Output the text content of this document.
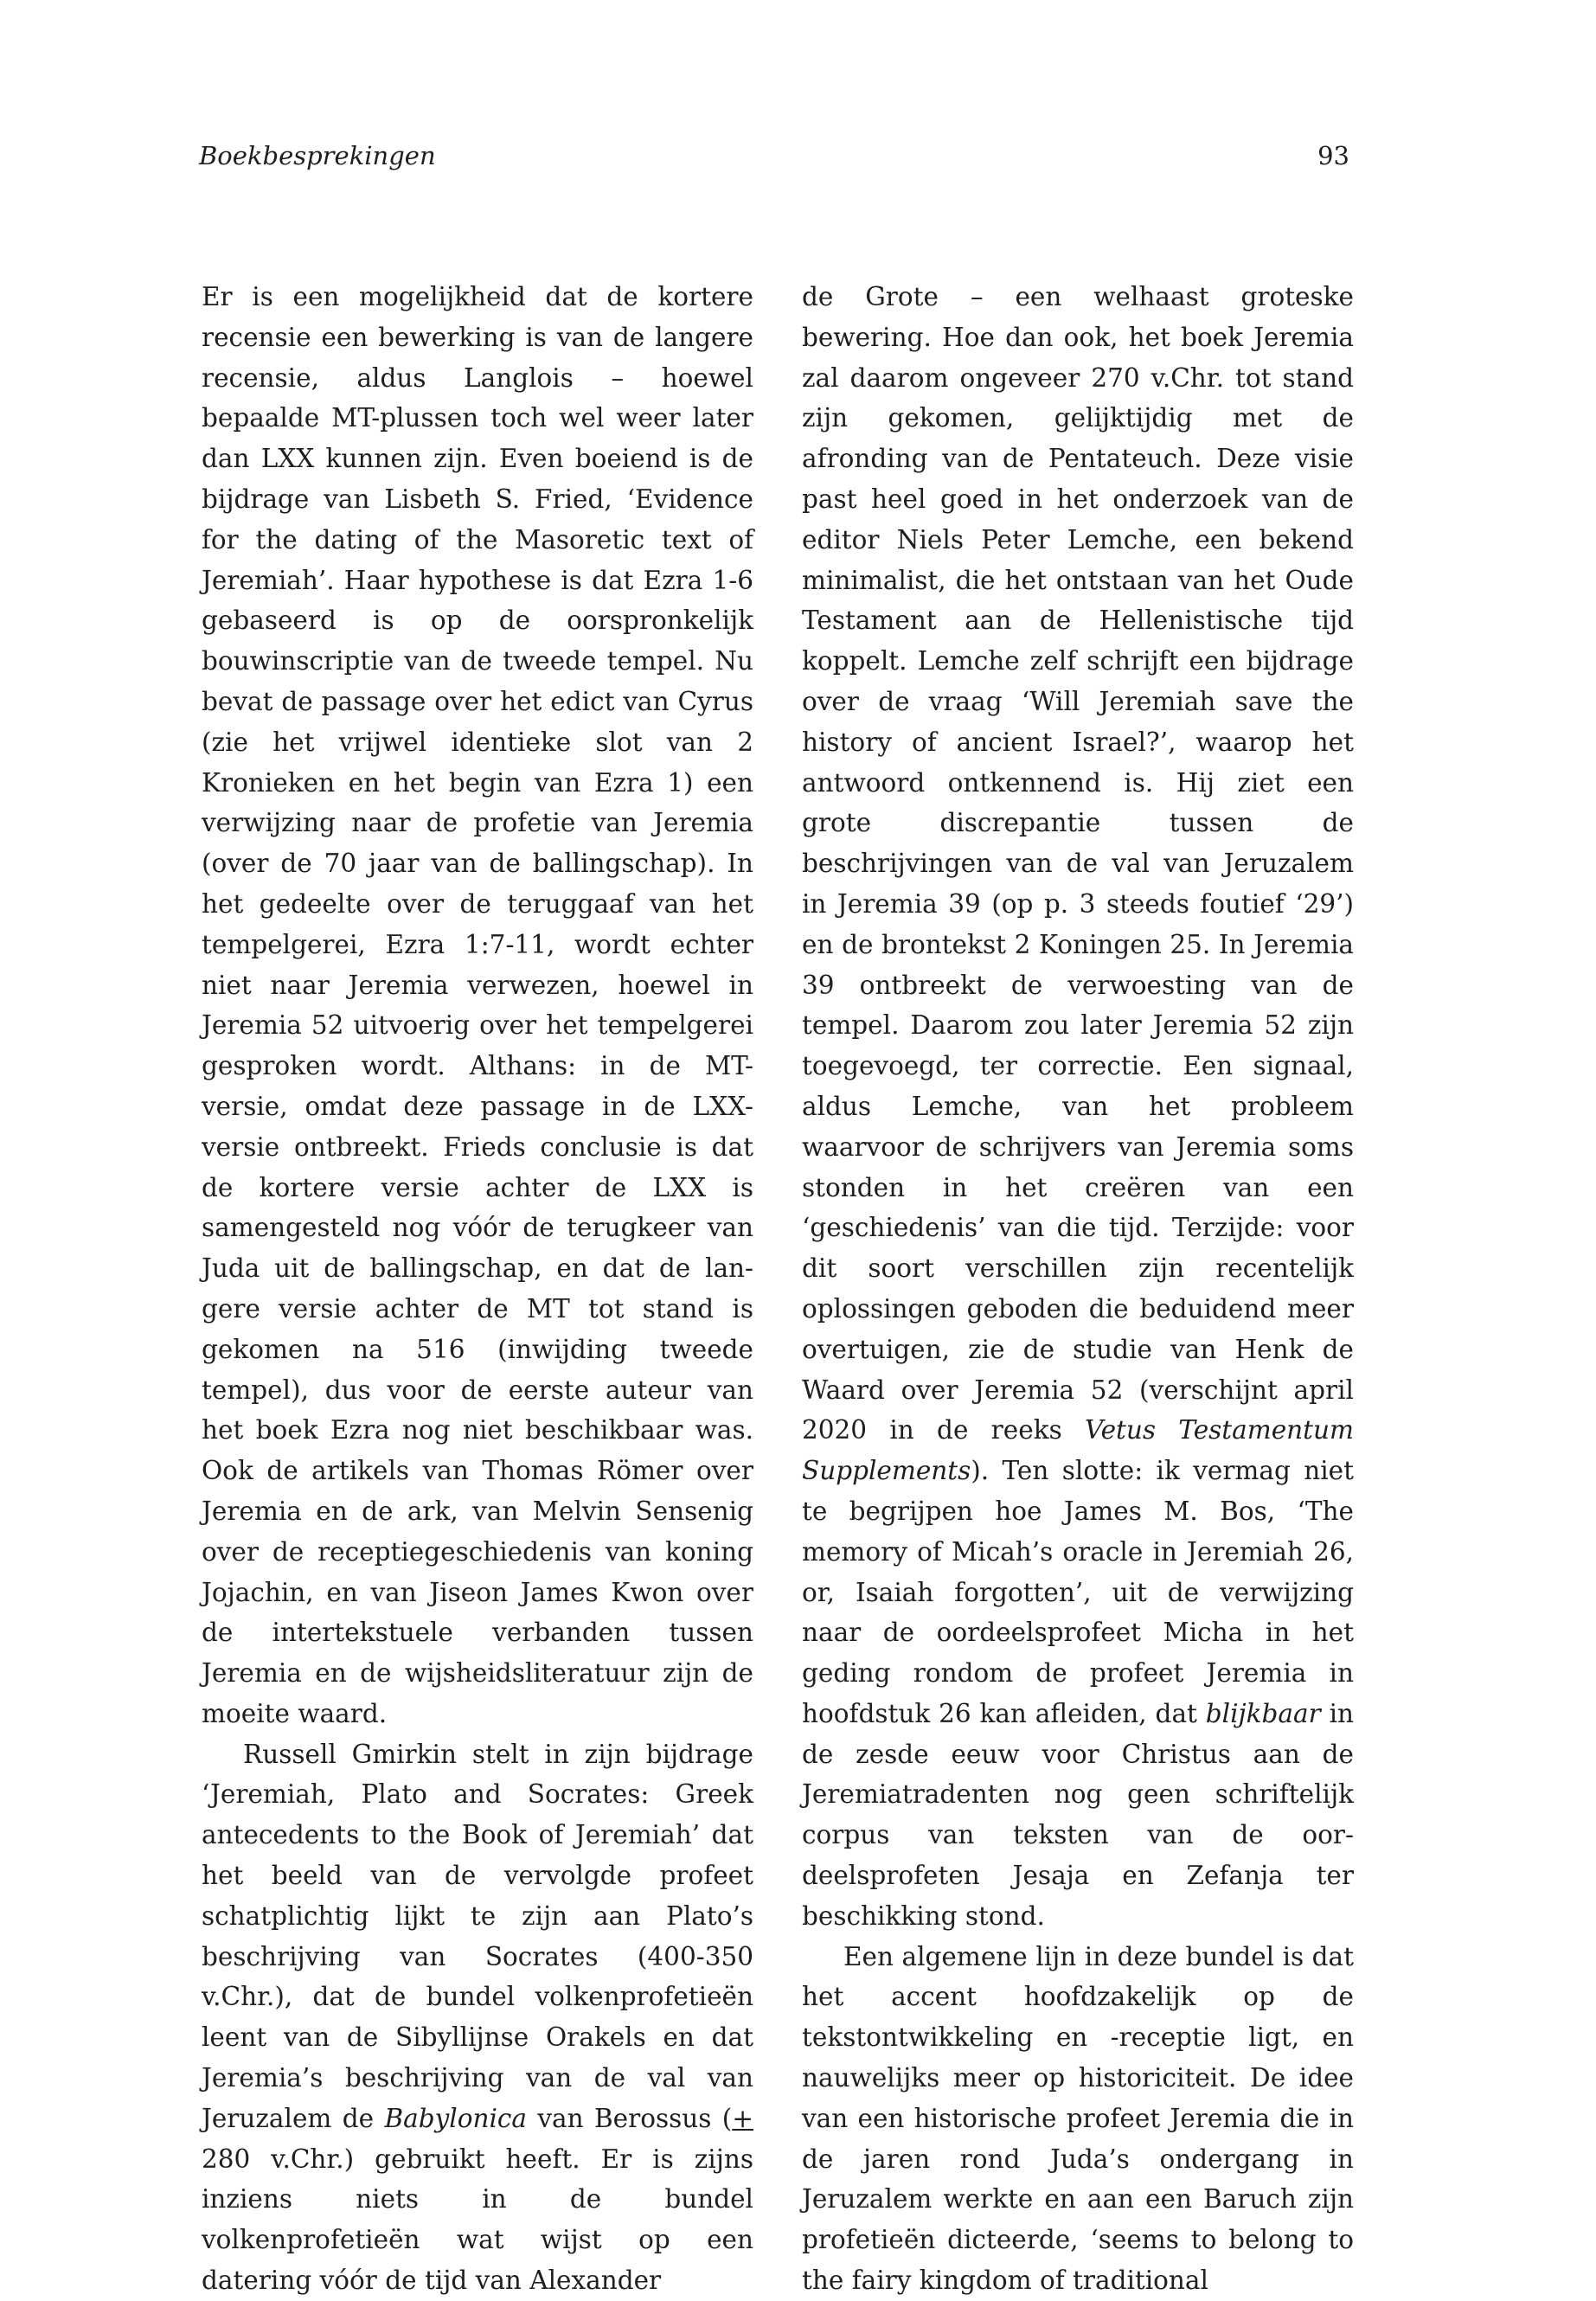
Boekbesprekingen	93

Er is een mogelijkheid dat de kortere recensie een bewerking is van de langere recensie, aldus Langlois – hoewel bepaalde MT-plussen toch wel weer later dan LXX kunnen zijn. Even boeiend is de bijdrage van Lisbeth S. Fried, ‘Evidence for the dating of the Masoretic text of Jeremiah’. Haar hypothese is dat Ezra 1-6 gebaseerd is op de oorspronkelijk bouwinscriptie van de tweede tempel. Nu bevat de passage over het edict van Cyrus (zie het vrijwel identieke slot van 2 Kronieken en het begin van Ezra 1) een verwijzing naar de profetie van Jeremia (over de 70 jaar van de ballingschap). In het gedeelte over de teruggaaf van het tempelgerei, Ezra 1:7-11, wordt echter niet naar Jeremia verwezen, hoewel in Jeremia 52 uitvoerig over het tempelgerei gesproken wordt. Althans: in de MT-versie, omdat deze passage in de LXX-versie ontbreekt. Frieds conclusie is dat de kortere versie achter de LXX is samengesteld nog vóór de terugkeer van Juda uit de ballingschap, en dat de langere versie achter de MT tot stand is gekomen na 516 (inwijding tweede tempel), dus voor de eerste auteur van het boek Ezra nog niet beschikbaar was. Ook de artikels van Thomas Römer over Jeremia en de ark, van Melvin Sensenig over de receptiegeschiedenis van koning Jojachin, en van Jiseon James Kwon over de intertekstuele verbanden tussen Jeremia en de wijsheidsliteratuur zijn de moeite waard.

Russell Gmirkin stelt in zijn bijdrage ‘Jeremiah, Plato and Socrates: Greek antecedents to the Book of Jeremiah’ dat het beeld van de vervolgde profeet schatplichtig lijkt te zijn aan Plato’s beschrijving van Socrates (400-350 v.Chr.), dat de bundel volkenprofetieën leent van de Sibyllijnse Orakels en dat Jeremia’s beschrijving van de val van Jeruzalem de Babylonica van Berossus (+ 280 v.Chr.) gebruikt heeft. Er is zijns inziens niets in de bundel volkenprofetieën wat wijst op een datering vóór de tijd van Alexander

de Grote – een welhaast groteske bewering. Hoe dan ook, het boek Jeremia zal daarom ongeveer 270 v.Chr. tot stand zijn gekomen, gelijktijdig met de afronding van de Pentateuch. Deze visie past heel goed in het onderzoek van de editor Niels Peter Lemche, een bekend minimalist, die het ontstaan van het Oude Testament aan de Hellenistische tijd koppelt. Lemche zelf schrijft een bijdrage over de vraag ‘Will Jeremiah save the history of ancient Israel?’, waarop het antwoord ontkennend is. Hij ziet een grote discrepantie tussen de beschrijvingen van de val van Jeruzalem in Jeremia 39 (op p. 3 steeds foutief ‘29’) en de brontekst 2 Koningen 25. In Jeremia 39 ontbreekt de verwoesting van de tempel. Daarom zou later Jeremia 52 zijn toegevoegd, ter correctie. Een signaal, aldus Lemche, van het probleem waarvoor de schrijvers van Jeremia soms stonden in het creëren van een ‘geschiedenis’ van die tijd. Terzijde: voor dit soort verschillen zijn recentelijk oplossingen geboden die beduidend meer overtuigen, zie de studie van Henk de Waard over Jeremia 52 (verschijnt april 2020 in de reeks Vetus Testamentum Supplements). Ten slotte: ik vermag niet te begrijpen hoe James M. Bos, ‘The memory of Micah’s oracle in Jeremiah 26, or, Isaiah forgotten’, uit de verwijzing naar de oordeelsprofeet Micha in het geding rondom de profeet Jeremia in hoofdstuk 26 kan afleiden, dat blijkbaar in de zesde eeuw voor Christus aan de Jeremiatradenten nog geen schriftelijk corpus van teksten van de oordeelsprofeten Jesaja en Zefanja ter beschikking stond.

Een algemene lijn in deze bundel is dat het accent hoofdzakelijk op de tekstontwikkeling en -receptie ligt, en nauwelijks meer op historiciteit. De idee van een historische profeet Jeremia die in de jaren rond Juda’s ondergang in Jeruzalem werkte en aan een Baruch zijn profetieën dicteerde, ‘seems to belong to the fairy kingdom of traditional
